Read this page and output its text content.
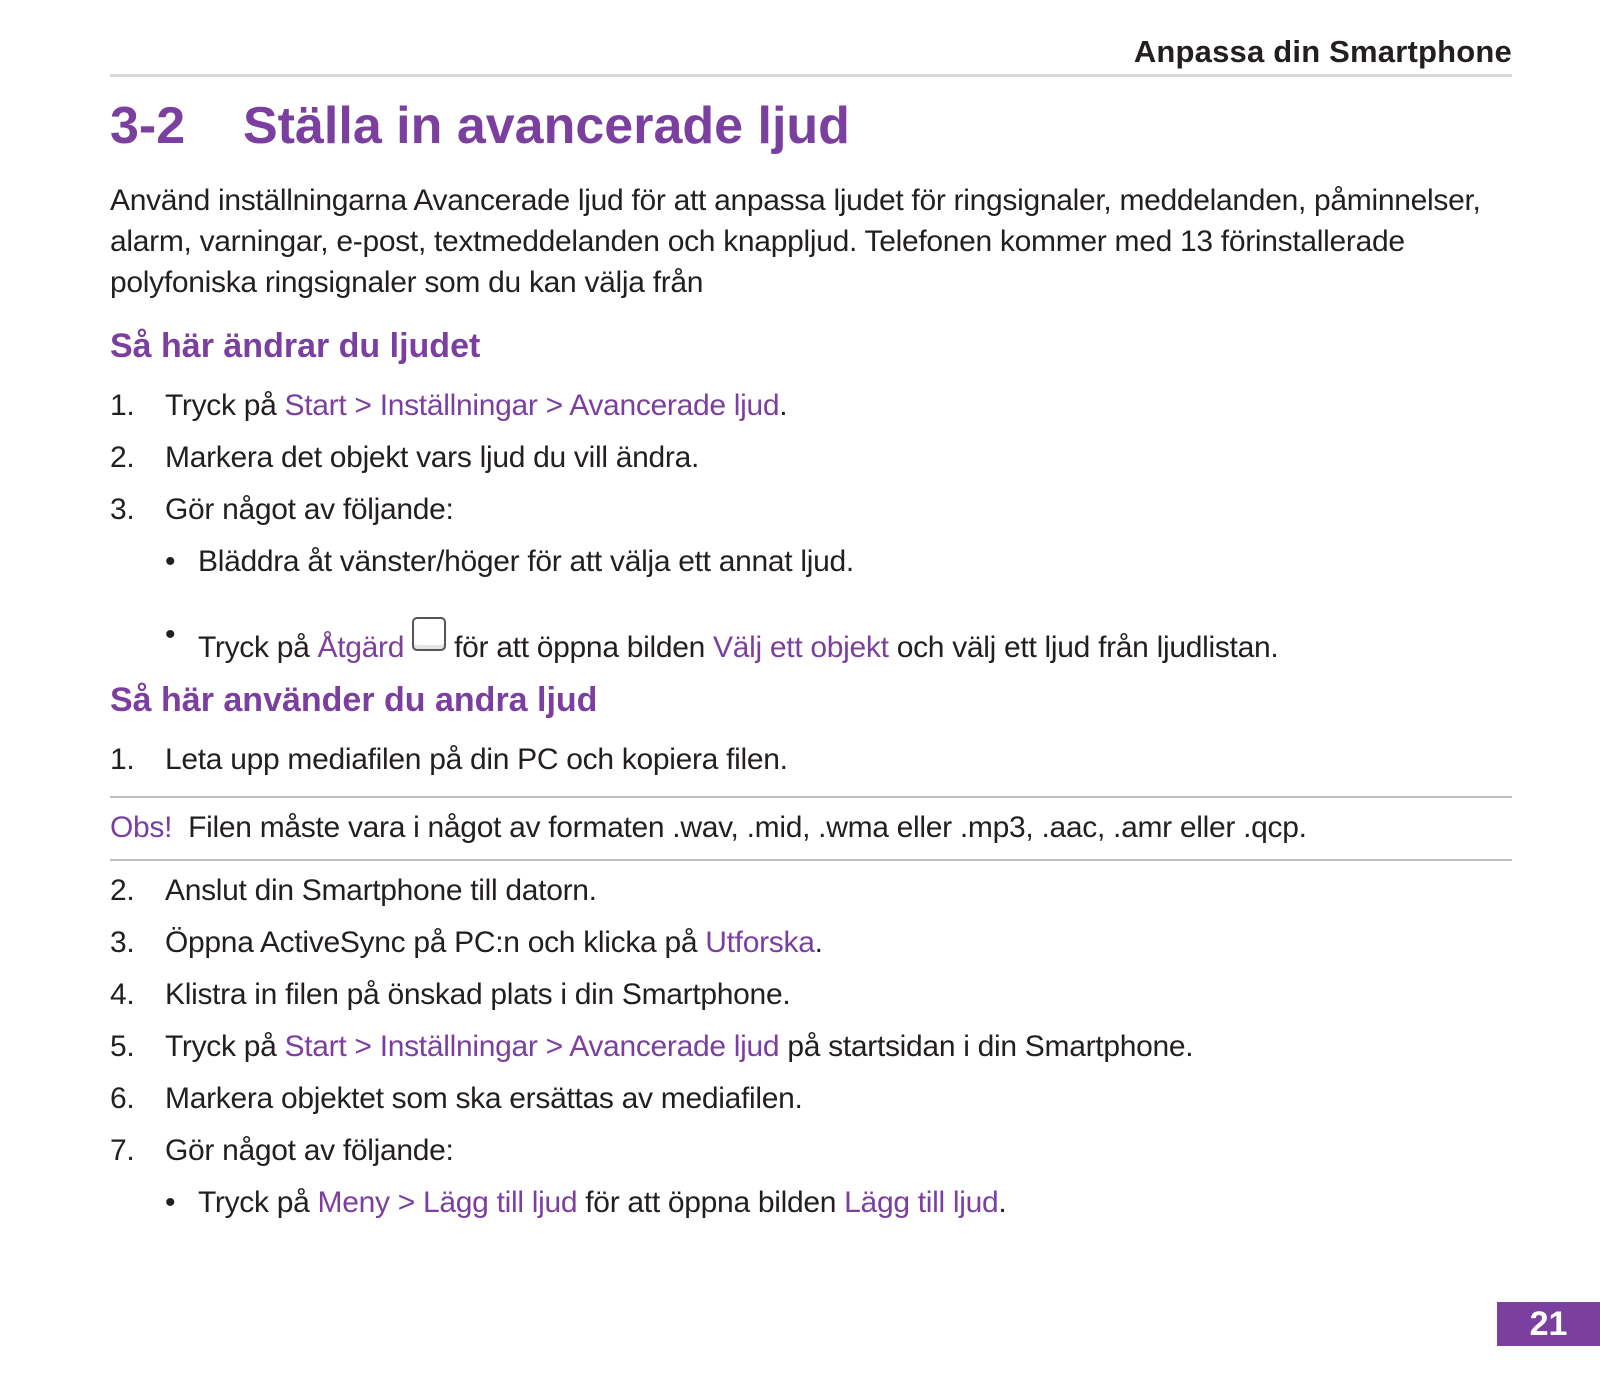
Anpassa din Smartphone
3-2 Ställa in avancerade ljud

Använd inställningarna Avancerade ljud för att anpassa ljudet för ringsignaler, meddelanden, påminnelser, alarm, varningar, e-post, textmeddelanden och knappljud. Telefonen kommer med 13 förinstallerade polyfoniska ringsignaler som du kan välja från

Så här ändrar du ljudet
1. Tryck på Start > Inställningar > Avancerade ljud.
2. Markera det objekt vars ljud du vill ändra.
3. Gör något av följande:
• Bläddra åt vänster/höger för att välja ett annat ljud.
• Tryck på Åtgärd för att öppna bilden Välj ett objekt och välj ett ljud från ljudlistan.
Så här använder du andra ljud
1. Leta upp mediafilen på din PC och kopiera filen.
Obs! Filen måste vara i något av formaten .wav, .mid, .wma eller .mp3, .aac, .amr eller .qcp.
2. Anslut din Smartphone till datorn.
3. Öppna ActiveSync på PC:n och klicka på Utforska.
4. Klistra in filen på önskad plats i din Smartphone.
5. Tryck på Start > Inställningar > Avancerade ljud på startsidan i din Smartphone.
6. Markera objektet som ska ersättas av mediafilen.
7. Gör något av följande:
• Tryck på Meny > Lägg till ljud för att öppna bilden Lägg till ljud.
21
